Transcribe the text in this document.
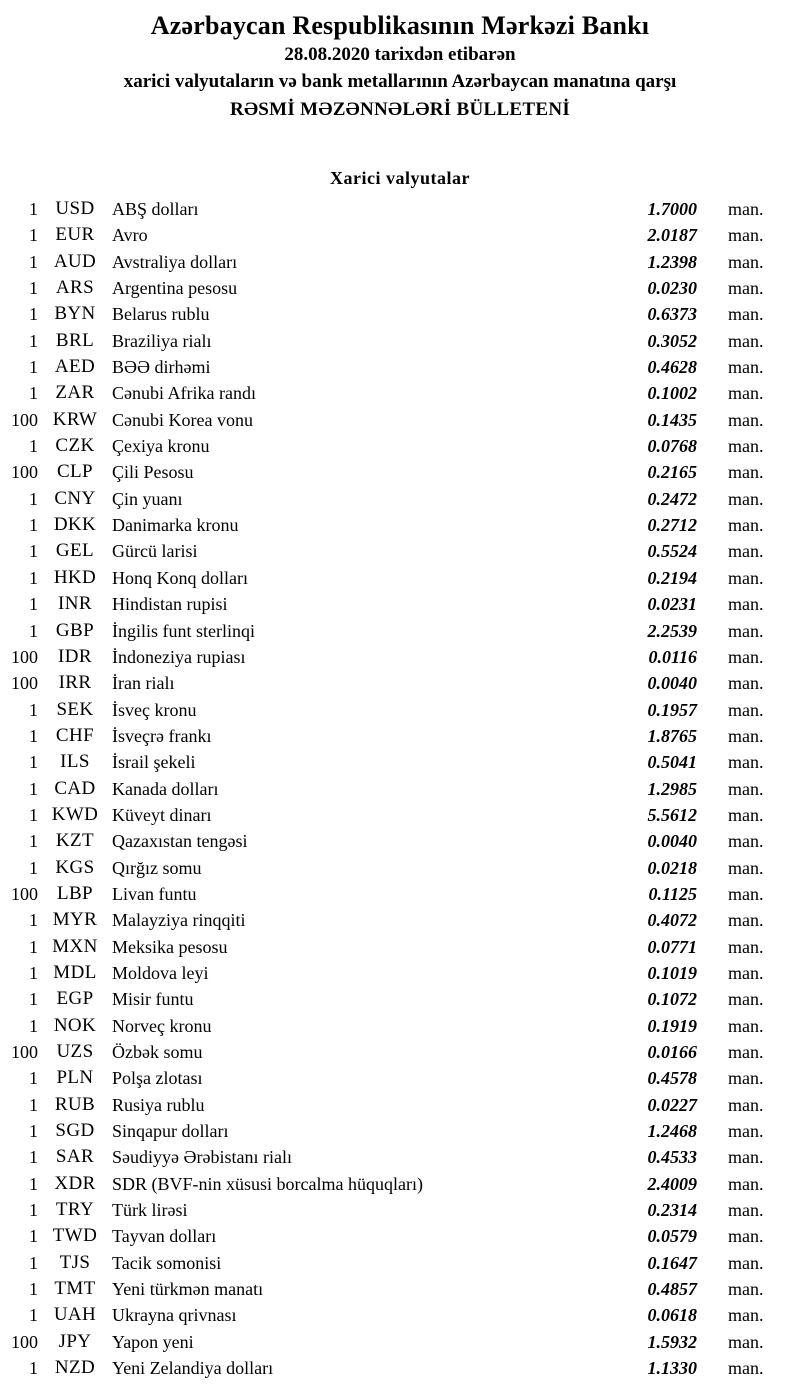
Azərbaycan Respublikasının Mərkəzi Bankı
28.08.2020 tarixdən etibarən
xarici valyutaların və bank metallarının Azərbaycan manatına qarşı
RƏSMİ MƏZƏNNƏLƏRİ BÜLLETENİ
Xarici valyutalar
1 USD ABŞ dolları	1.7000	man.
1 EUR Avro	2.0187	man.
1 AUD Avstraliya dolları	1.2398	man.
1 ARS Argentina pesosu	0.0230	man.
1 BYN Belarus rublu	0.6373	man.
1 BRL Braziliya rialı	0.3052	man.
1 AED BƏƏ dirhəmi	0.4628	man.
1 ZAR Cənubi Afrika randı	0.1002	man.
100 KRW Cənubi Korea vonu	0.1435	man.
1 CZK Çexiya kronu	0.0768	man.
100 CLP	Çili Pesosu	0.2165	man.
1 CNY Çin yuanı	0.2472	man.
1 DKK Danimarka kronu	0.2712	man.
1 GEL Gürcü larisi	0.5524	man.
1 HKD Honq Konq dolları	0.2194	man.
1	INR	Hindistan rupisi	0.0231	man.
1 GBP İngilis funt sterlinqi	2.2539	man.
100	IDR	İndoneziya rupiası	0.0116	man.
100	IRR	İran rialı	0.0040	man.
1 SEK	İsveç kronu	0.1957	man.
1 CHF İsveçrə frankı	1.8765	man.
1	ILS	İsrail şekeli	0.5041	man.
1 CAD Kanada dolları	1.2985	man.
1 KWD Küveyt dinarı	5.5612	man.
1 KZT Qazaxıstan tengəsi	0.0040	man.
1 KGS Qırğız somu	0.0218	man.
100 LBP	Livan funtu	0.1125	man.
1 MYR Malayziya rinqqiti	0.4072	man.
1 MXN Meksika pesosu	0.0771	man.
1 MDL Moldova leyi	0.1019	man.
1 EGP	Misir funtu	0.1072	man.
1 NOK Norveç kronu	0.1919	man.
100 UZS	Özbək somu	0.0166	man.
1 PLN	Polşa zlotası	0.4578	man.
1 RUB Rusiya rublu	0.0227	man.
1 SGD Sinqapur dolları	1.2468	man.
1 SAR Səudiyyə Ərəbistanı rialı	0.4533	man.
1 XDR SDR (BVF-nin xüsusi borcalma hüquqları)	2.4009	man.
1 TRY Türk lirəsi	0.2314	man.
1 TWD Tayvan dolları	0.0579	man.
1	TJS	Tacik somonisi	0.1647	man.
1 TMT Yeni türkmən manatı	0.4857	man.
1 UAH Ukrayna qrivnası	0.0618	man.
100	JPY	Yapon yeni	1.5932	man.
1 NZD Yeni Zelandiya dolları	1.1330	man.
